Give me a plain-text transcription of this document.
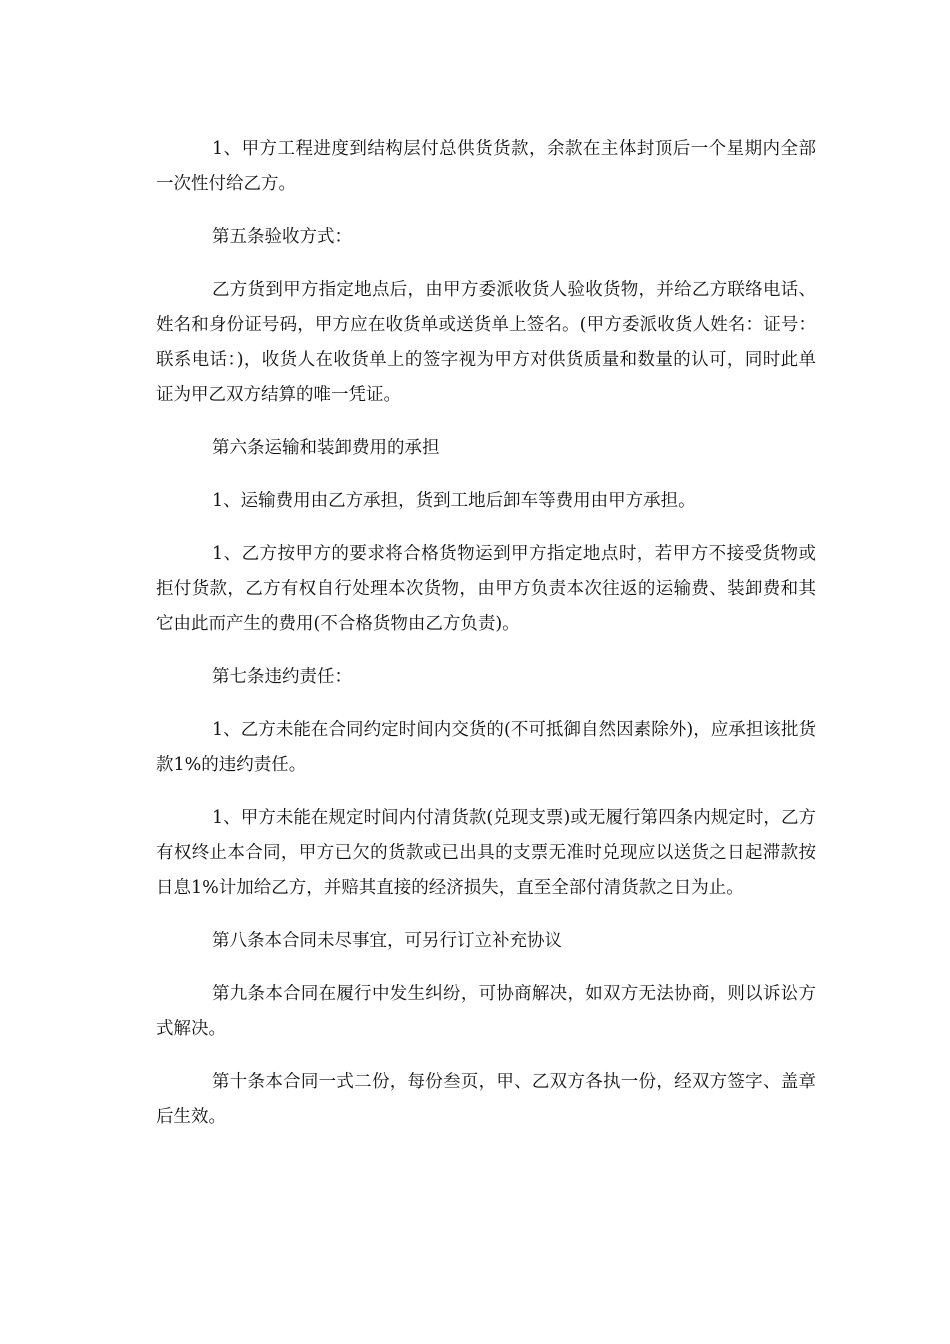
1、甲方工程进度到结构层付总供货货款，余款在主体封顶后一个星期内全部一次性付给乙方。

第五条验收方式：

乙方货到甲方指定地点后，由甲方委派收货人验收货物，并给乙方联络电话、姓名和身份证号码，甲方应在收货单或送货单上签名。(甲方委派收货人姓名：证号：联系电话：)，收货人在收货单上的签字视为甲方对供货质量和数量的认可，同时此单证为甲乙双方结算的唯一凭证。

第六条运输和装卸费用的承担

1、运输费用由乙方承担，货到工地后卸车等费用由甲方承担。

1、乙方按甲方的要求将合格货物运到甲方指定地点时，若甲方不接受货物或拒付货款，乙方有权自行处理本次货物，由甲方负责本次往返的运输费、装卸费和其它由此而产生的费用(不合格货物由乙方负责)。

第七条违约责任：

1、乙方未能在合同约定时间内交货的(不可抵御自然因素除外)，应承担该批货款1%的违约责任。

1、甲方未能在规定时间内付清货款(兑现支票)或无履行第四条内规定时，乙方有权终止本合同，甲方已欠的货款或已出具的支票无准时兑现应以送货之日起滞款按日息1%计加给乙方，并赔其直接的经济损失，直至全部付清货款之日为止。

第八条本合同未尽事宜，可另行订立补充协议

第九条本合同在履行中发生纠纷，可协商解决，如双方无法协商，则以诉讼方式解决。

第十条本合同一式二份，每份叁页，甲、乙双方各执一份，经双方签字、盖章后生效。
